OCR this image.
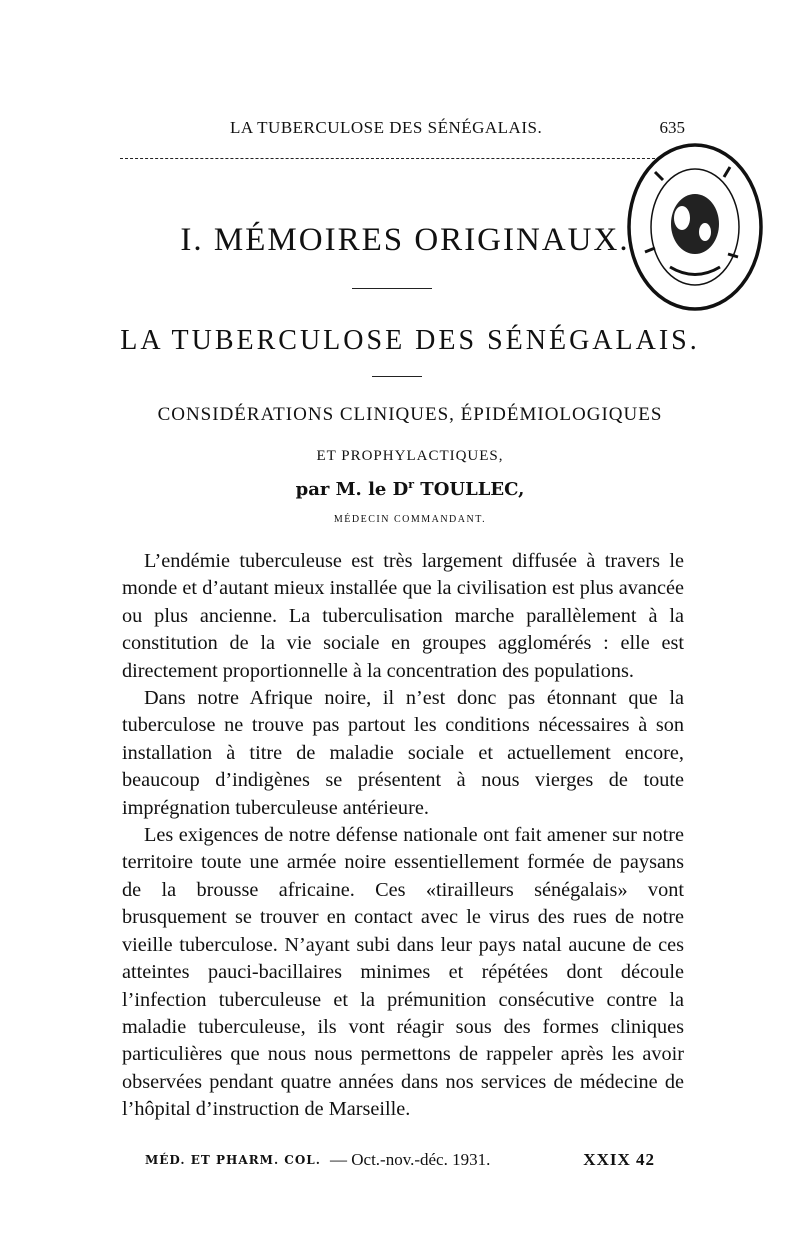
LA TUBERCULOSE DES SÉNÉGALAIS.	635
I. MÉMOIRES ORIGINAUX.
LA TUBERCULOSE DES SÉNÉGALAIS.
CONSIDÉRATIONS CLINIQUES, ÉPIDÉMIOLOGIQUES
ET PROPHYLACTIQUES,
par M. le $D^r$ TOULLEC,
MÉDECIN COMMANDANT.

L’endémie tuberculeuse est très largement diffusée à travers le monde et d’autant mieux installée que la civilisation est plus avancée ou plus ancienne. La tuberculisation marche parallèlement à la constitution de la vie sociale en groupes agglomérés : elle est directement proportionnelle à la concentration des populations.

Dans notre Afrique noire, il n’est donc pas étonnant que la tuberculose ne trouve pas partout les conditions nécessaires à son installation à titre de maladie sociale et actuellement encore, beaucoup d’indigènes se présentent à nous vierges de toute imprégnation tuberculeuse antérieure.

Les exigences de notre défense nationale ont fait amener sur notre territoire toute une armée noire essentiellement formée de paysans de la brousse africaine. Ces «tirailleurs sénégalais» vont brusquement se trouver en contact avec le virus des rues de notre vieille tuberculose. N’ayant subi dans leur pays natal aucune de ces atteintes pauci-bacillaires minimes et répétées dont découle l’infection tuberculeuse et la prémunition consécutive contre la maladie tuberculeuse, ils vont réagir sous des formes cliniques particulières que nous nous permettons de rappeler après les avoir observées pendant quatre années dans nos services de médecine de l’hôpital d’instruction de Marseille.

MÉD. ET PHARM. COL. — Oct.-nov.-déc. 1931.	XXIX 42
